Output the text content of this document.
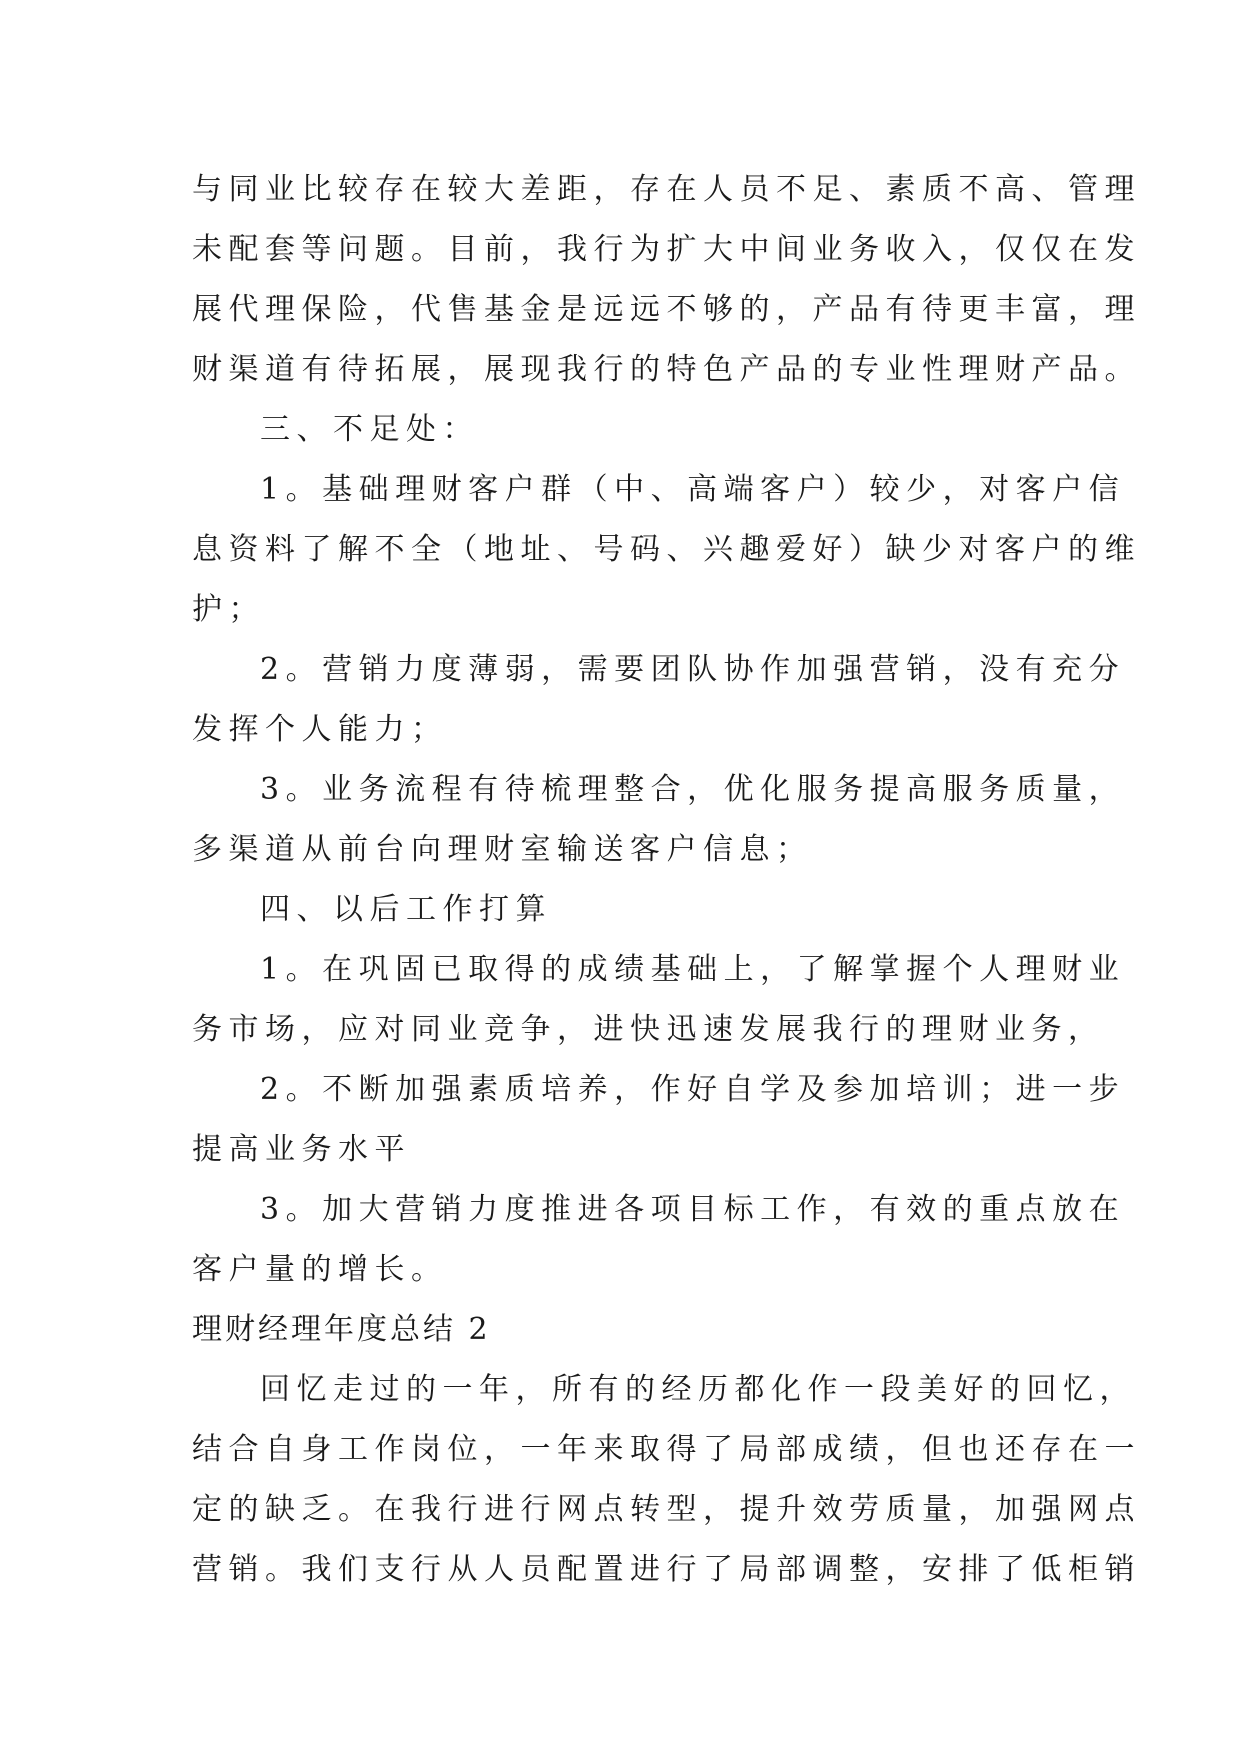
与同业比较存在较大差距，存在人员不足、素质不高、管理
未配套等问题。目前，我行为扩大中间业务收入，仅仅在发
展代理保险，代售基金是远远不够的，产品有待更丰富，理
财渠道有待拓展，展现我行的特色产品的专业性理财产品。
三、不足处：
1。基础理财客户群（中、高端客户）较少，对客户信
息资料了解不全（地址、号码、兴趣爱好）缺少对客户的维
护；
2。营销力度薄弱，需要团队协作加强营销，没有充分
发挥个人能力；
3。业务流程有待梳理整合，优化服务提高服务质量，
多渠道从前台向理财室输送客户信息；
四、以后工作打算
1。在巩固已取得的成绩基础上，了解掌握个人理财业
务市场，应对同业竞争，进快迅速发展我行的理财业务，
2。不断加强素质培养，作好自学及参加培训；进一步
提高业务水平
3。加大营销力度推进各项目标工作，有效的重点放在
客户量的增长。
理财经理年度总结 2
回忆走过的一年，所有的经历都化作一段美好的回忆，
结合自身工作岗位，一年来取得了局部成绩，但也还存在一
定的缺乏。在我行进行网点转型，提升效劳质量，加强网点
营销。我们支行从人员配置进行了局部调整，安排了低柜销
